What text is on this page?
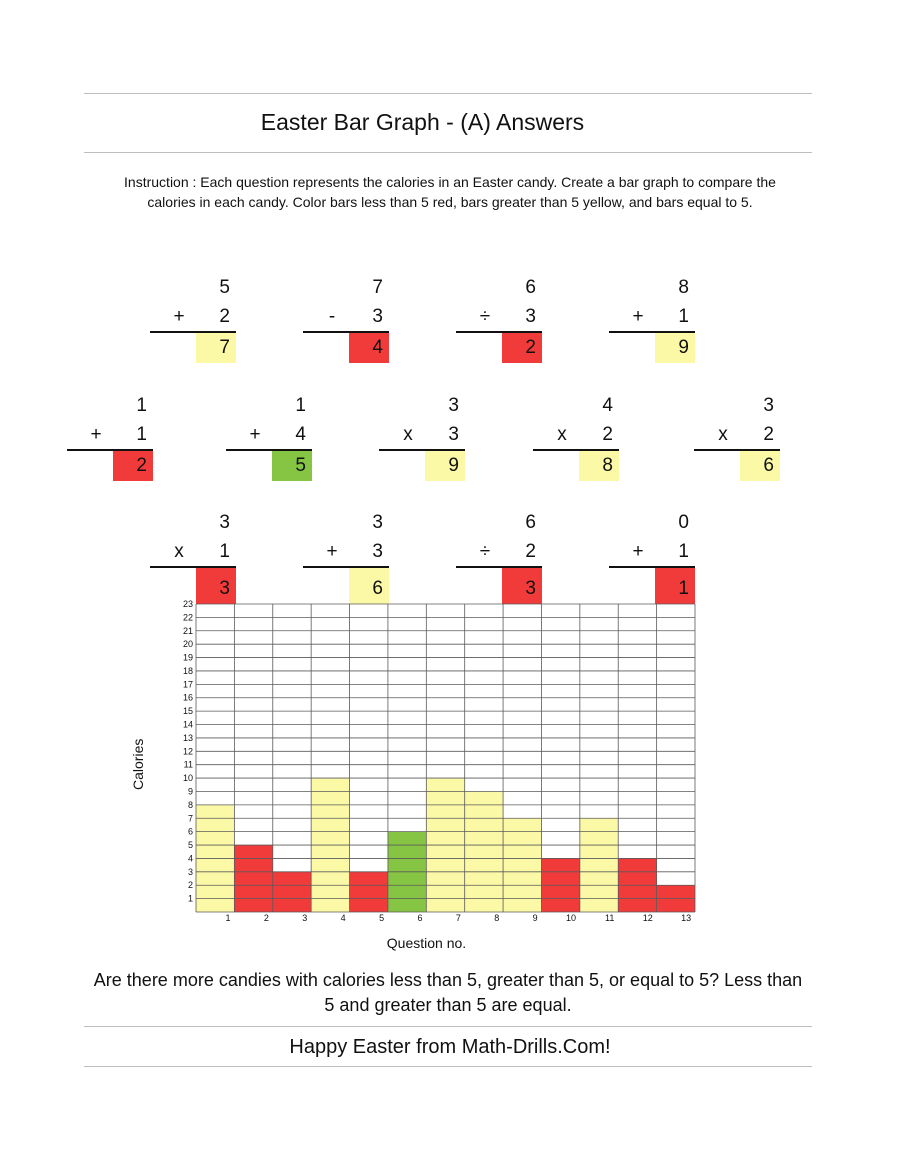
Easter Bar Graph - (A) Answers
Instruction : Each question represents the calories in an Easter candy. Create a bar graph to compare the calories in each candy. Color bars less than 5 red, bars greater than 5 yellow, and bars equal to 5.
5
+	2
7
7
-	3
4
6
÷	3
2
8
+	1
9
1
+	1
2
1
+	4
5
3
x	3
9
4
x	2
8
3
x	2
6
3
x	1
3
3
+	3
6
6
÷	2
3
0
+	1
1
1
2
3
4
5
6
7
8
9
10
11
12
13
14
15
16
17
18
19
20
21
22
23
1	2	3	4	5	6	7	8	9	10	11	12	13
Calories
Question no.
Are there more candies with calories less than 5, greater than 5, or equal to 5? Less than 5 and greater than 5 are equal.
Happy Easter from Math-Drills.Com!
